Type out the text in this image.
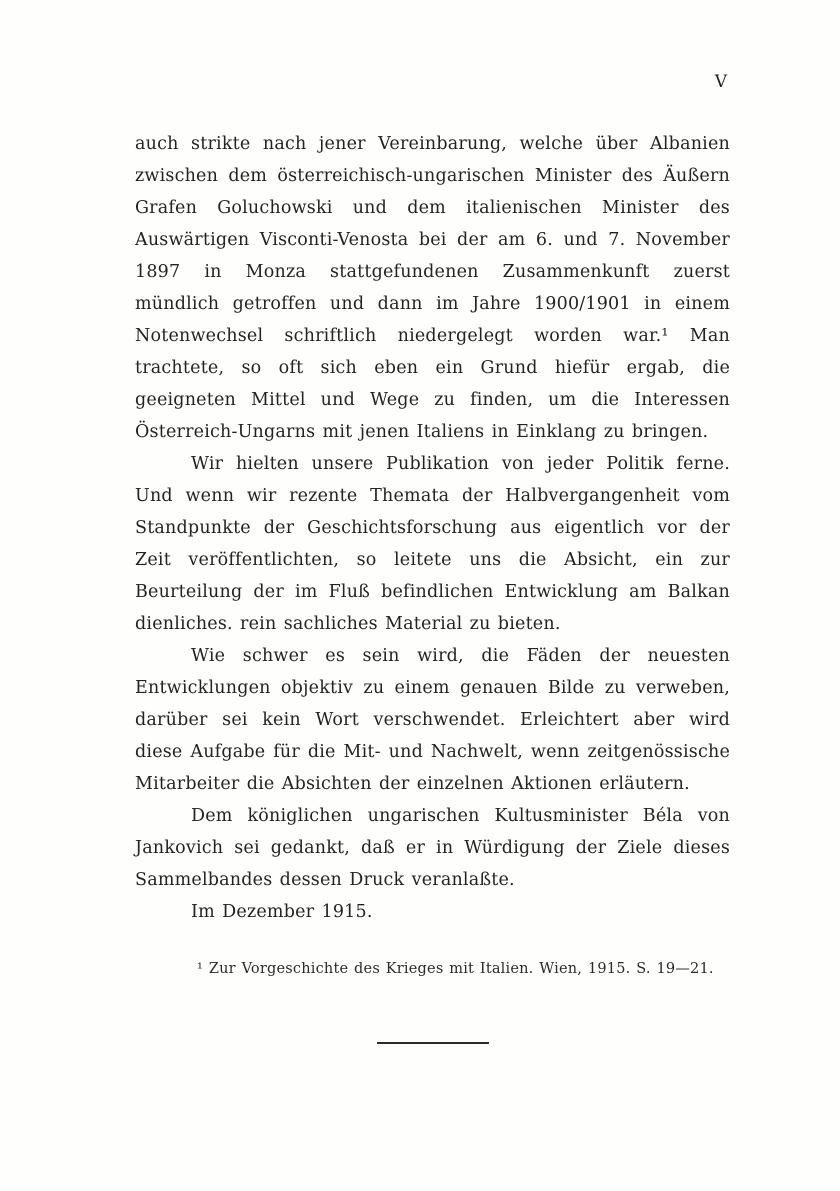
V

auch strikte nach jener Vereinbarung, welche über Albanien zwischen dem österreichisch-ungarischen Minister des Äußern Grafen Goluchowski und dem italienischen Minister des Auswärtigen Visconti-Venosta bei der am 6. und 7. November 1897 in Monza stattgefundenen Zusammenkunft zuerst mündlich getroffen und dann im Jahre 1900/1901 in einem Notenwechsel schriftlich niedergelegt worden war.¹ Man trachtete, so oft sich eben ein Grund hiefür ergab, die geeigneten Mittel und Wege zu finden, um die Interessen Österreich-Ungarns mit jenen Italiens in Einklang zu bringen.

Wir hielten unsere Publikation von jeder Politik ferne. Und wenn wir rezente Themata der Halbvergangenheit vom Standpunkte der Geschichtsforschung aus eigentlich vor der Zeit veröffentlichten, so leitete uns die Absicht, ein zur Beurteilung der im Fluß befindlichen Entwicklung am Balkan dienliches. rein sachliches Material zu bieten.

Wie schwer es sein wird, die Fäden der neuesten Entwicklungen objektiv zu einem genauen Bilde zu verweben, darüber sei kein Wort verschwendet. Erleichtert aber wird diese Aufgabe für die Mit- und Nachwelt, wenn zeitgenössische Mitarbeiter die Absichten der einzelnen Aktionen erläutern.

Dem königlichen ungarischen Kultusminister Béla von Jankovich sei gedankt, daß er in Würdigung der Ziele dieses Sammelbandes dessen Druck veranlaßte.

Im Dezember 1915.

¹ Zur Vorgeschichte des Krieges mit Italien. Wien, 1915. S. 19—21.
